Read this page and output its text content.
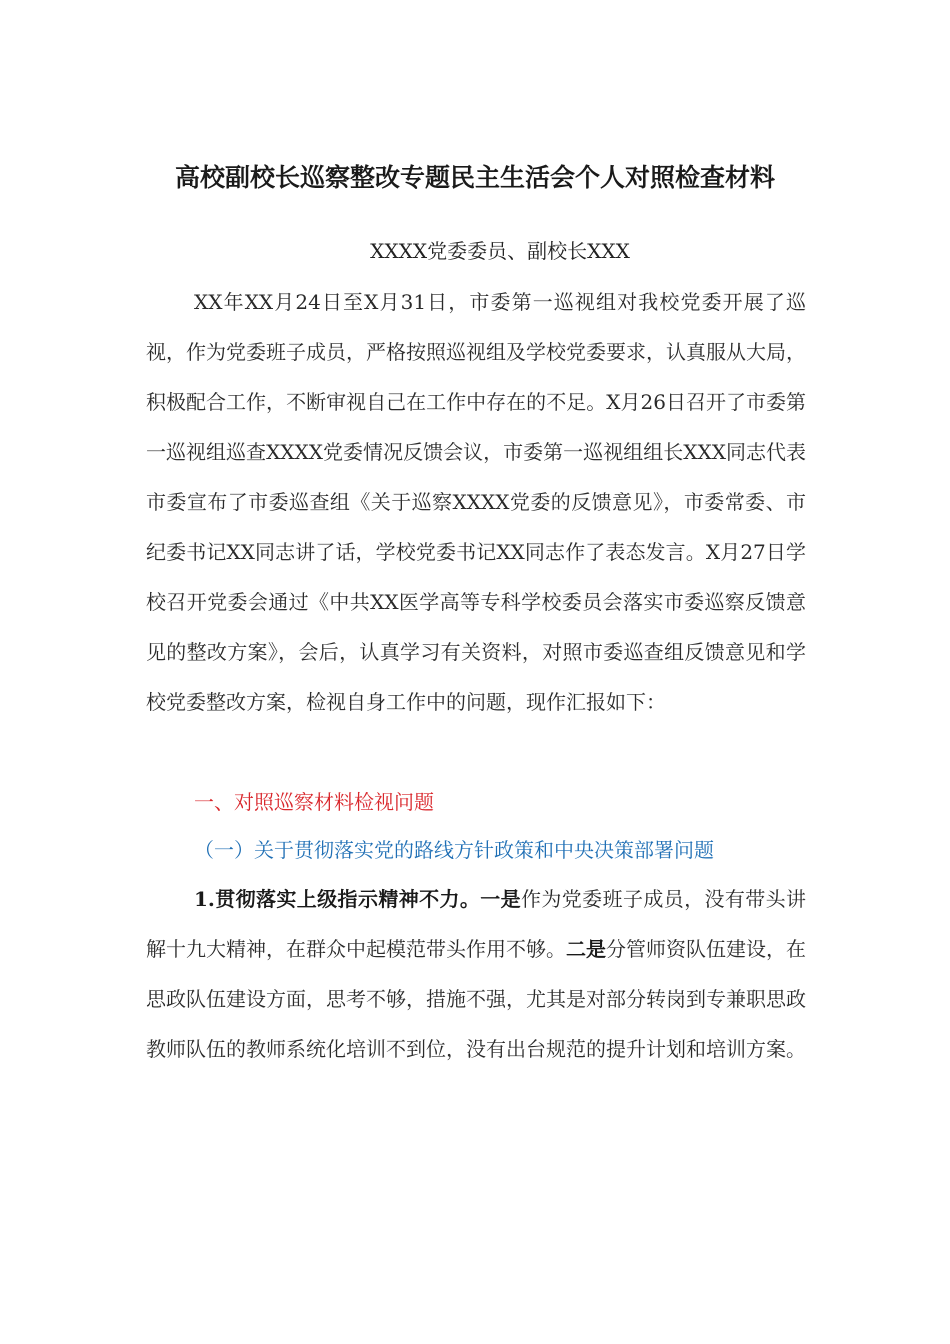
高校副校长巡察整改专题民主生活会个人对照检查材料

XXXX党委委员、副校长XXX

XX年XX月24日至X月31日，市委第一巡视组对我校党委开展了巡视，作为党委班子成员，严格按照巡视组及学校党委要求，认真服从大局，积极配合工作，不断审视自己在工作中存在的不足。X月26日召开了市委第一巡视组巡查XXXX党委情况反馈会议，市委第一巡视组组长XXX同志代表市委宣布了市委巡查组《关于巡察XXXX党委的反馈意见》，市委常委、市纪委书记XX同志讲了话，学校党委书记XX同志作了表态发言。X月27日学校召开党委会通过《中共XX医学高等专科学校委员会落实市委巡察反馈意见的整改方案》，会后，认真学习有关资料，对照市委巡查组反馈意见和学校党委整改方案，检视自身工作中的问题，现作汇报如下：

一、对照巡察材料检视问题

（一）关于贯彻落实党的路线方针政策和中央决策部署问题

1.贯彻落实上级指示精神不力。一是作为党委班子成员，没有带头讲解十九大精神，在群众中起模范带头作用不够。二是分管师资队伍建设，在思政队伍建设方面，思考不够，措施不强，尤其是对部分转岗到专兼职思政教师队伍的教师系统化培训不到位，没有出台规范的提升计划和培训方案。
